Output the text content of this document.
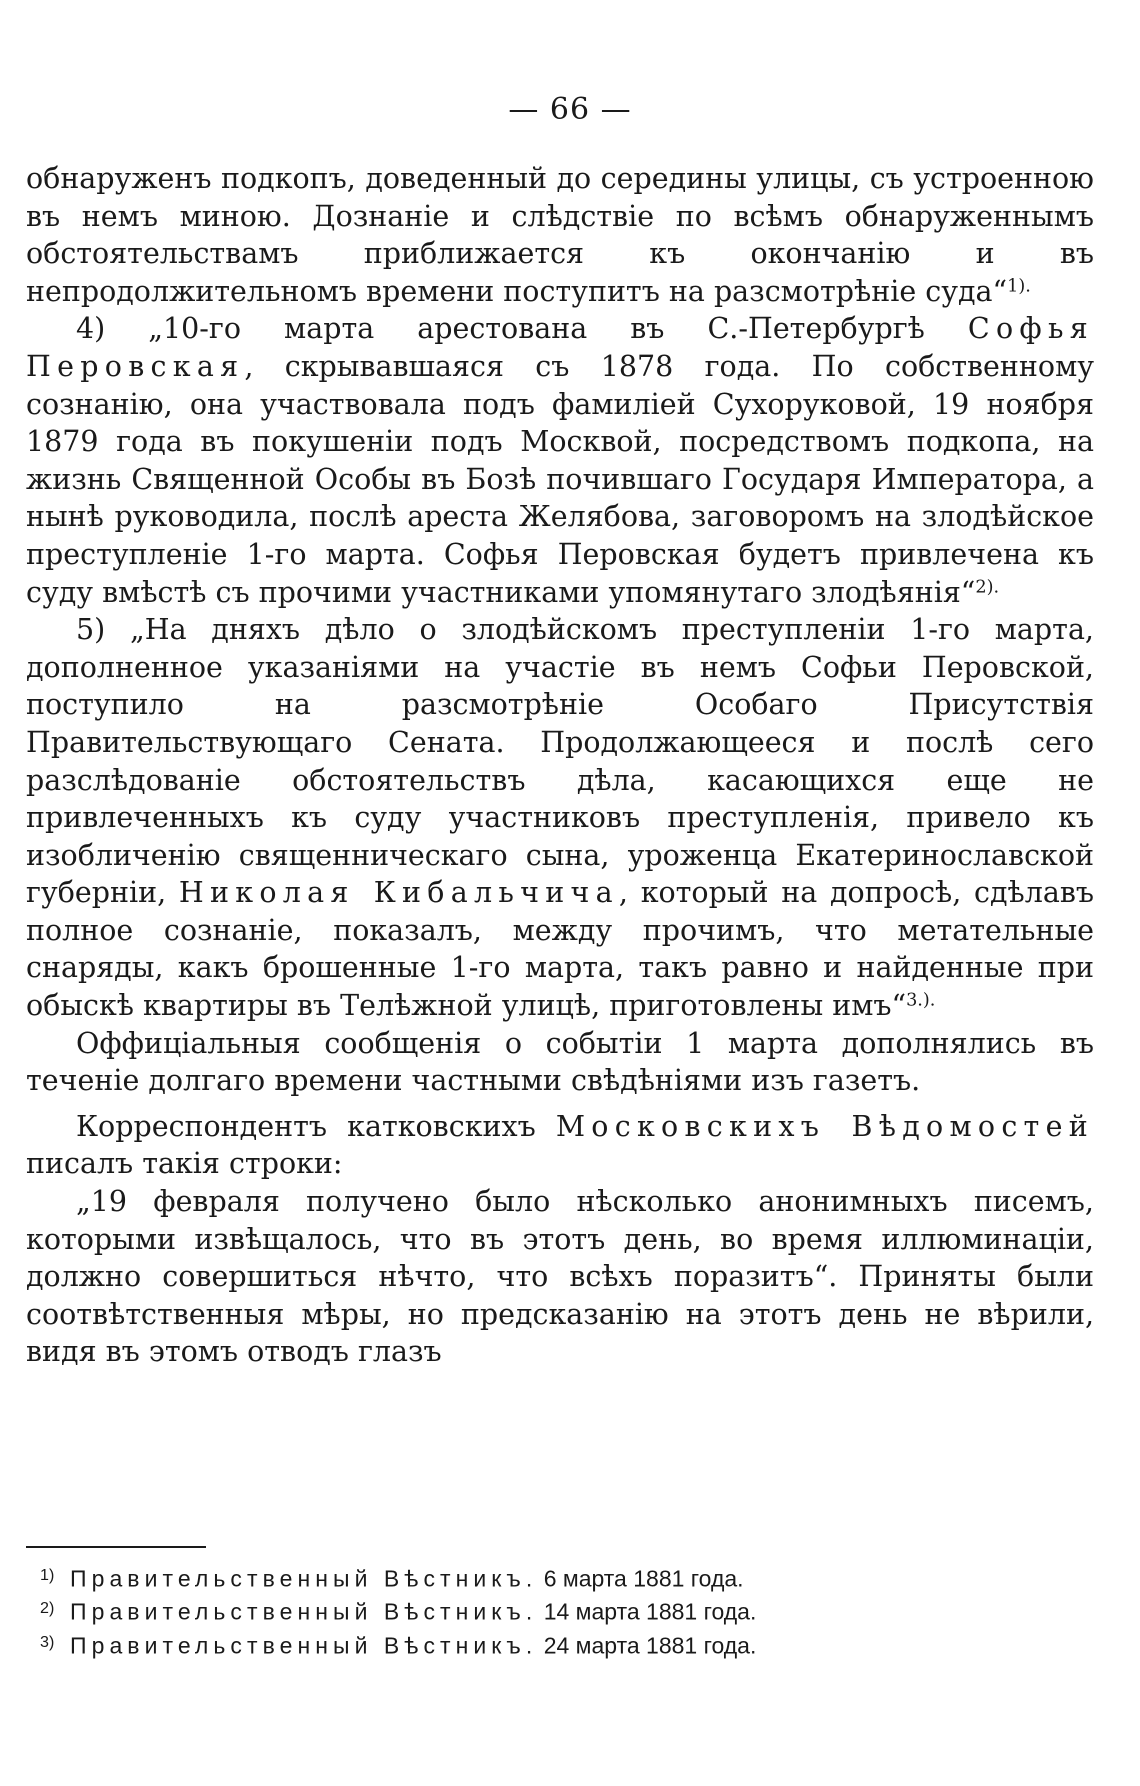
— 66 —

обнаруженъ подкопъ, доведенный до середины улицы, съ устроенною въ немъ миною. Дознаніе и слѣдствіе по всѣмъ обнаруженнымъ обстоятельствамъ приближается къ окончанію и въ непродолжительномъ времени поступитъ на разсмотрѣніе суда“$^{1).}$

4) „10-го марта арестована въ С.-Петербургѣ Софья Перовская, скрывавшаяся съ 1878 года. По собственному сознанію, она участвовала подъ фамиліей Сухоруковой, 19 ноября 1879 года въ покушеніи подъ Москвой, посредствомъ подкопа, на жизнь Священной Особы въ Бозѣ почившаго Государя Императора, а нынѣ руководила, послѣ ареста Желябова, заговоромъ на злодѣйское преступленіе 1-го марта. Софья Перовская будетъ привлечена къ суду вмѣстѣ съ прочими участниками упомянутаго злодѣянія“$^{2).}$

5) „На дняхъ дѣло о злодѣйскомъ преступленіи 1-го марта, дополненное указаніями на участіе въ немъ Софьи Перовской, поступило на разсмотрѣніе Особаго Присутствія Правительствующаго Сената. Продолжающееся и послѣ сего разслѣдованіе обстоятельствъ дѣла, касающихся еще не привлеченныхъ къ суду участниковъ преступленія, привело къ изобличенію священническаго сына, уроженца Екатеринославской губерніи, Николая Кибальчича, который на допросѣ, сдѣлавъ полное сознаніе, показалъ, между прочимъ, что метательные снаряды, какъ брошенные 1-го марта, такъ равно и найденные при обыскѣ квартиры въ Телѣжной улицѣ, приготовлены имъ“$^{3.).}$

Оффиціальныя сообщенія о событіи 1 марта дополнялись въ теченіе долгаго времени частными свѣдѣніями изъ газетъ.

Корреспондентъ катковскихъ Московскихъ Вѣдомостей писалъ такія строки:

„19 февраля получено было нѣсколько анонимныхъ писемъ, которыми извѣщалось, что въ этотъ день, во время иллюминаціи, должно совершиться нѣчто, что всѣхъ поразитъ“. Приняты были соотвѣтственныя мѣры, но предсказанію на этотъ день не вѣрили, видя въ этомъ отводъ глазъ

1) Правительственный Вѣстникъ. 6 марта 1881 года.
2) Правительственный Вѣстникъ. 14 марта 1881 года.
3) Правительственный Вѣстникъ. 24 марта 1881 года.
